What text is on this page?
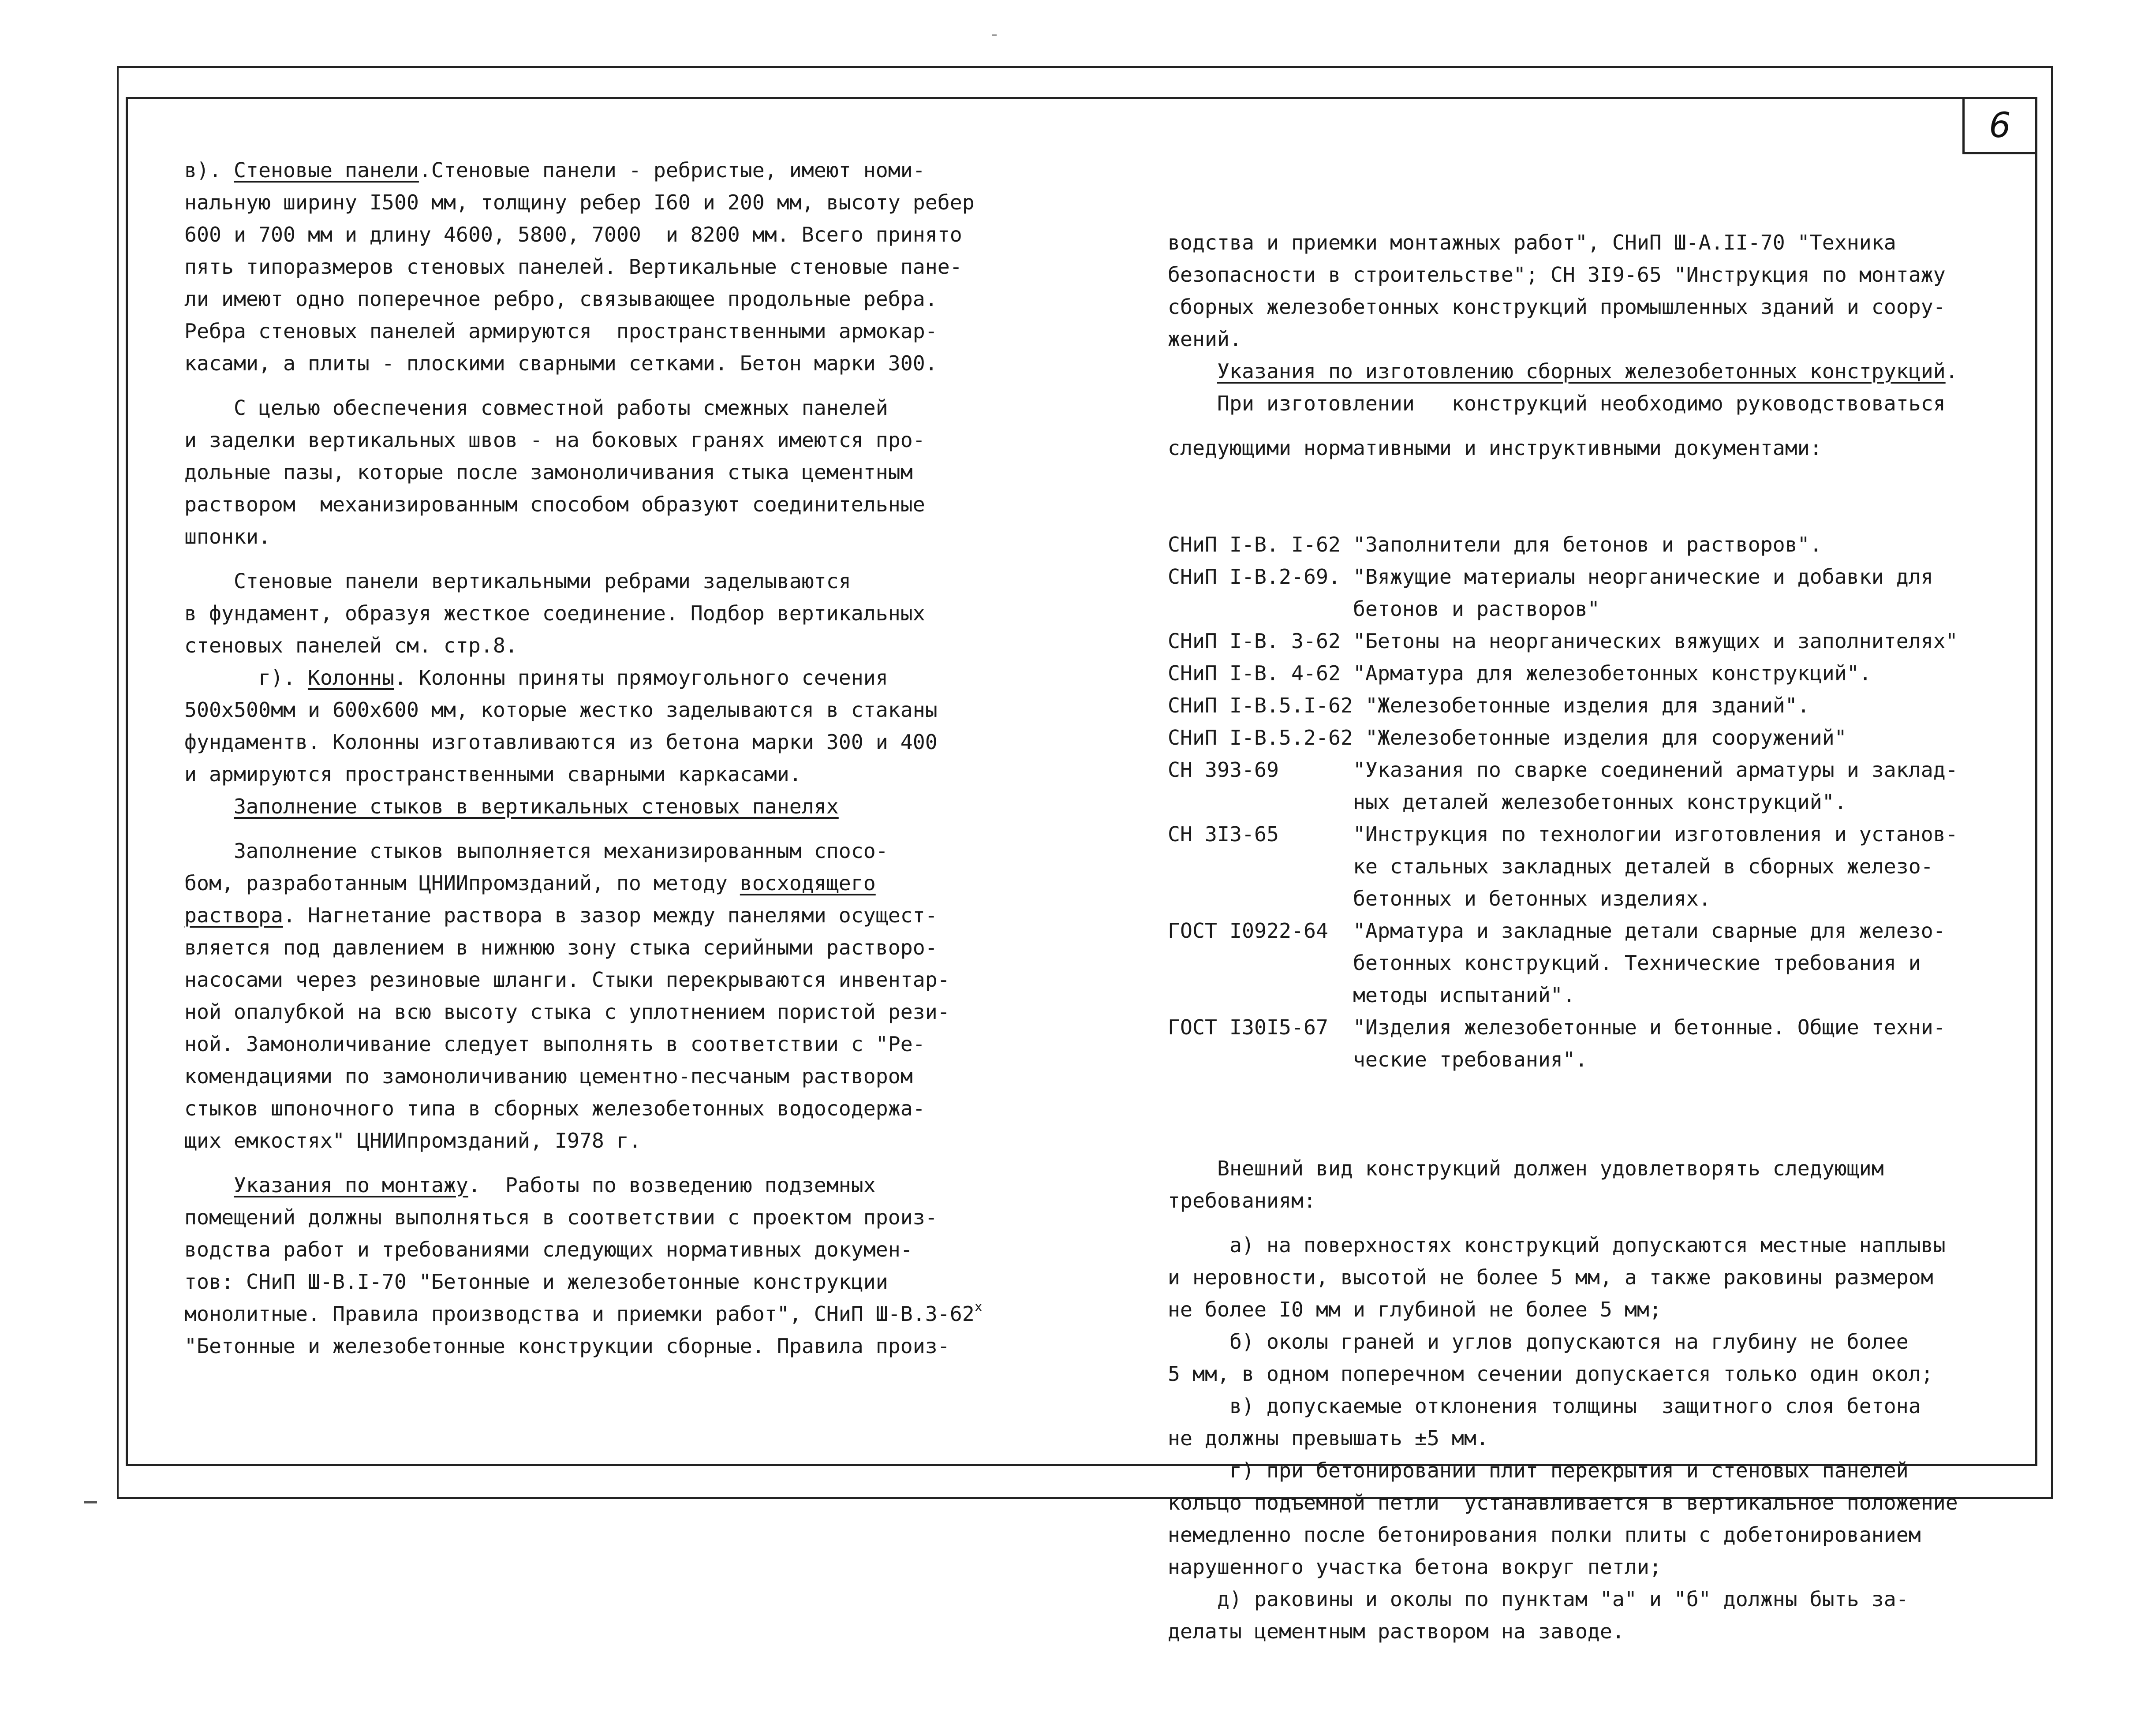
6
в). Стеновые панели.Стеновые панели - ребристые, имеют номи-
нальную ширину I500 мм, толщину ребер I60 и 200 мм, высоту ребер
600 и 700 мм и длину 4600, 5800, 7000  и 8200 мм. Всего принято
пять типоразмеров стеновых панелей. Вертикальные стеновые пане-
ли имеют одно поперечное ребро, связывающее продольные ребра.
Ребра стеновых панелей армируются  пространственными армокар-
касами, а плиты - плоскими сварными сетками. Бетон марки 300.
С целью обеспечения совместной работы смежных панелей
и заделки вертикальных швов - на боковых гранях имеются про-
дольные пазы, которые после замоноличивания стыка цементным
раствором  механизированным способом образуют соединительные
шпонки.
Стеновые панели вертикальными ребрами заделываются
в фундамент, образуя жесткое соединение. Подбор вертикальных
стеновых панелей см. стр.8.
г). Колонны. Колонны приняты прямоугольного сечения
500х500мм и 600х600 мм, которые жестко заделываются в стаканы
фундаментв. Колонны изготавливаются из бетона марки 300 и 400
и армируются пространственными сварными каркасами.
Заполнение стыков в вертикальных стеновых панелях
Заполнение стыков выполняется механизированным спосо-
бом, разработанным ЦНИИпромзданий, по методу восходящего
раствора. Нагнетание раствора в зазор между панелями осущест-
вляется под давлением в нижнюю зону стыка серийными растворо-
насосами через резиновые шланги. Стыки перекрываются инвентар-
ной опалубкой на всю высоту стыка с уплотнением пористой рези-
ной. Замоноличивание следует выполнять в соответствии с "Ре-
комендациями по замоноличиванию цементно-песчаным раствором
стыков шпоночного типа в сборных железобетонных водосодержа-
щих емкостях" ЦНИИпромзданий, I978 г.
Указания по монтажу.  Работы по возведению подземных
помещений должны выполняться в соответствии с проектом произ-
водства работ и требованиями следующих нормативных докумен-
тов: СНиП Ш-В.I-70 "Бетонные и железобетонные конструкции
монолитные. Правила производства и приемки работ", СНиП Ш-В.3-62$^x$
"Бетонные и железобетонные конструкции сборные. Правила произ-

водства и приемки монтажных работ", СНиП Ш-А.II-70 "Техника
безопасности в строительстве"; СН 3I9-65 "Инструкция по монтажу
сборных железобетонных конструкций промышленных зданий и соору-
жений.
Указания по изготовлению сборных железобетонных конструкций.
При изготовлении   конструкций необходимо руководствоваться
следующими нормативными и инструктивными документами:

СНиП I-В. I-62 "Заполнители для бетонов и растворов".
СНиП I-В.2-69. "Вяжущие материалы неорганические и добавки для
бетонов и растворов"
СНиП I-В. 3-62 "Бетоны на неорганических вяжущих и заполнителях"
СНиП I-В. 4-62 "Арматура для железобетонных конструкций".
СНиП I-В.5.I-62 "Железобетонные изделия для зданий".
СНиП I-В.5.2-62 "Железобетонные изделия для сооружений"
СН 393-69      "Указания по сварке соединений арматуры и заклад-
ных деталей железобетонных конструкций".
СН 3I3-65      "Инструкция по технологии изготовления и установ-
ке стальных закладных деталей в сборных железо-
бетонных и бетонных изделиях.
ГОСТ I0922-64  "Арматура и закладные детали сварные для железо-
бетонных конструкций. Технические требования и
методы испытаний".
ГОСТ I30I5-67  "Изделия железобетонные и бетонные. Общие техни-
ческие требования".

Внешний вид конструкций должен удовлетворять следующим
требованиям:
а) на поверхностях конструкций допускаются местные наплывы
и неровности, высотой не более 5 мм, а также раковины размером
не более I0 мм и глубиной не более 5 мм;
б) околы граней и углов допускаются на глубину не более
5 мм, в одном поперечном сечении допускается только один окол;
в) допускаемые отклонения толщины  защитного слоя бетона
не должны превышать ±5 мм.
г) при бетонировании плит перекрытия и стеновых панелей
кольцо подъемной петли  устанавливается в вертикальное положение
немедленно после бетонирования полки плиты с добетонированием
нарушенного участка бетона вокруг петли;
д) раковины и околы по пунктам "а" и "б" должны быть за-
делаты цементным раствором на заводе.
